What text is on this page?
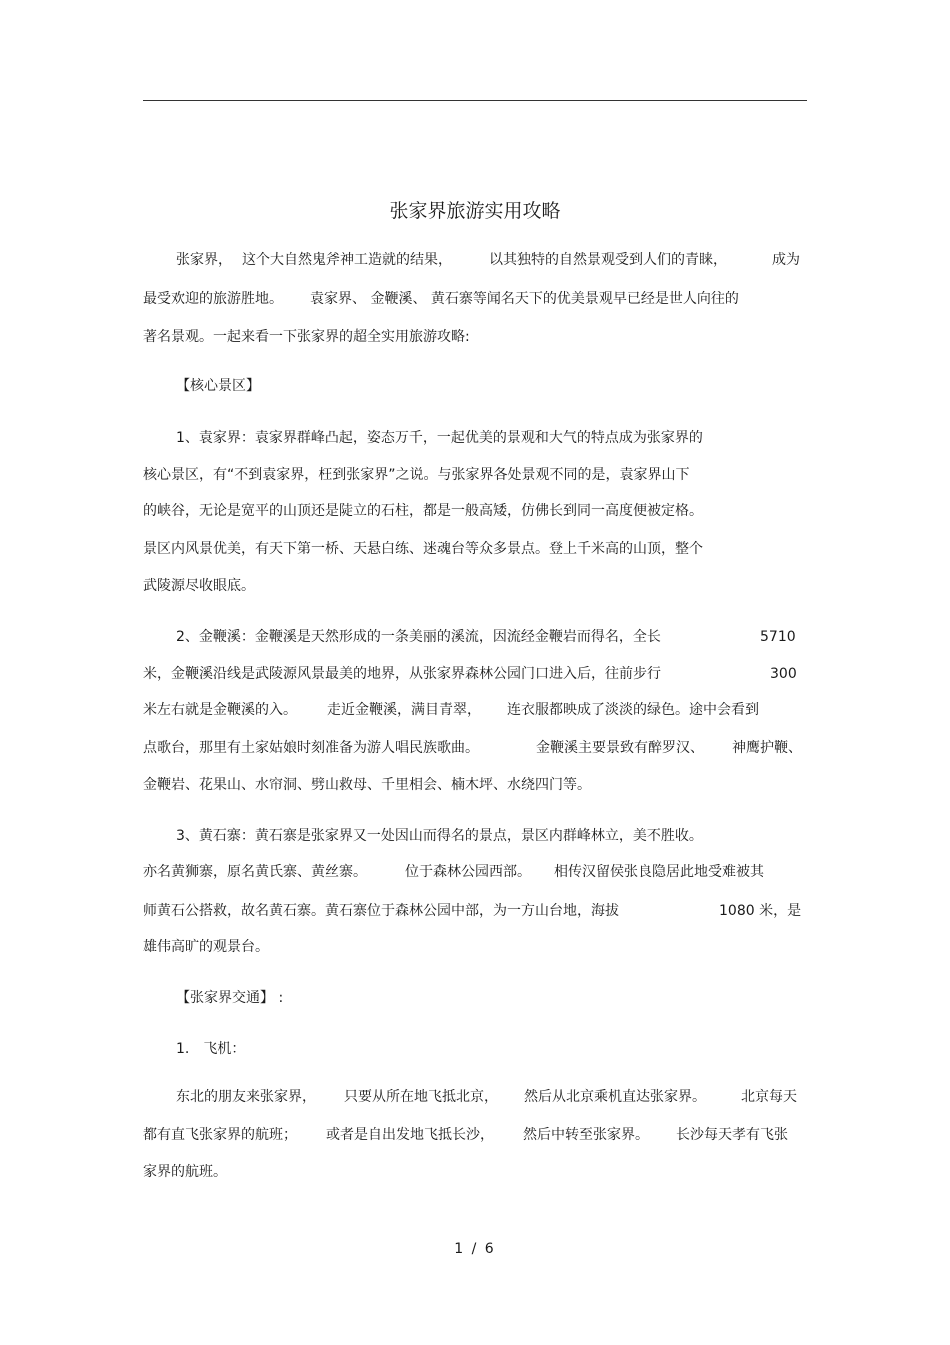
张家界旅游实用攻略
张家界， 这个大自然鬼斧神工造就的结果，	以其独特的自然景观受到人们的青睐，	成为
最受欢迎的旅游胜地。 袁家界、 金鞭溪、 黄石寨等闻名天下的优美景观早已经是世人向往的
著名景观。一起来看一下张家界的超全实用旅游攻略:
【核心景区】
1、袁家界：袁家界群峰凸起，姿态万千，一起优美的景观和大气的特点成为张家界的
核心景区，有“不到袁家界，枉到张家界”之说。与张家界各处景观不同的是，袁家界山下
的峡谷，无论是宽平的山顶还是陡立的石柱，都是一般高矮，仿佛长到同一高度便被定格。
景区内风景优美，有天下第一桥、天悬白练、迷魂台等众多景点。登上千米高的山顶，整个
武陵源尽收眼底。
2、金鞭溪：金鞭溪是天然形成的一条美丽的溪流，因流经金鞭岩而得名，全长	5710
米，金鞭溪沿线是武陵源风景最美的地界，从张家界森林公园门口进入后，往前步行	300
米左右就是金鞭溪的入。 走近金鞭溪，满目青翠， 连衣服都映成了淡淡的绿色。途中会看到
点歌台，那里有土家姑娘时刻准备为游人唱民族歌曲。	金鞭溪主要景致有醉罗汉、 神鹰护鞭、
金鞭岩、花果山、水帘洞、劈山救母、千里相会、楠木坪、水绕四门等。
3、黄石寨：黄石寨是张家界又一处因山而得名的景点，景区内群峰林立，美不胜收。
亦名黄狮寨，原名黄氏寨、黄丝寨。	位于森林公园西部。 相传汉留侯张良隐居此地受难被其
师黄石公搭救，故名黄石寨。黄石寨位于森林公园中部，为一方山台地，海拔	1080 米，是
雄伟高旷的观景台。
【张家界交通】 :
1.　飞机：
东北的朋友来张家界， 只要从所在地飞抵北京， 然后从北京乘机直达张家界。	北京每天
都有直飞张家界的航班； 或者是自出发地飞抵长沙， 然后中转至张家界。 长沙每天孝有飞张
家界的航班。
1 / 6
